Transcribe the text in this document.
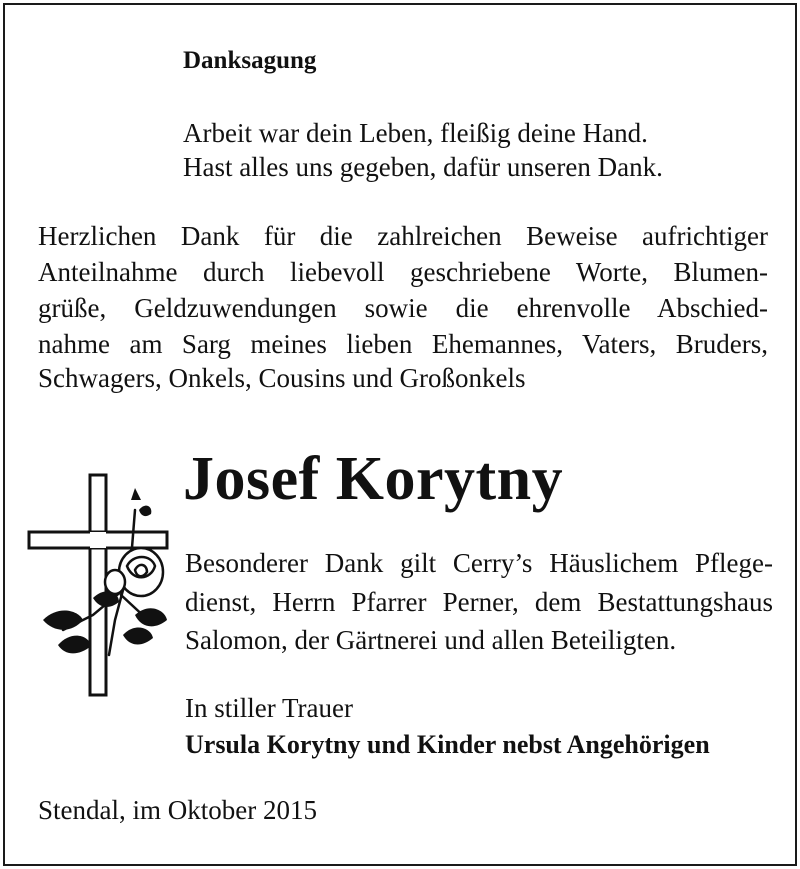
Danksagung
Arbeit war dein Leben, fleißig deine Hand.
Hast alles uns gegeben, dafür unseren Dank.
Herzlichen Dank für die zahlreichen Beweise aufrichtiger
Anteilnahme durch liebevoll geschriebene Worte, Blumen-
grüße, Geldzuwendungen sowie die ehrenvolle Abschied-
nahme am Sarg meines lieben Ehemannes, Vaters, Bruders,
Schwagers, Onkels, Cousins und Großonkels
Josef Korytny
Besonderer Dank gilt Cerry’s Häuslichem Pflege-
dienst, Herrn Pfarrer Perner, dem Bestattungshaus
Salomon, der Gärtnerei und allen Beteiligten.
In stiller Trauer
Ursula Korytny und Kinder nebst Angehörigen
Stendal, im Oktober 2015
